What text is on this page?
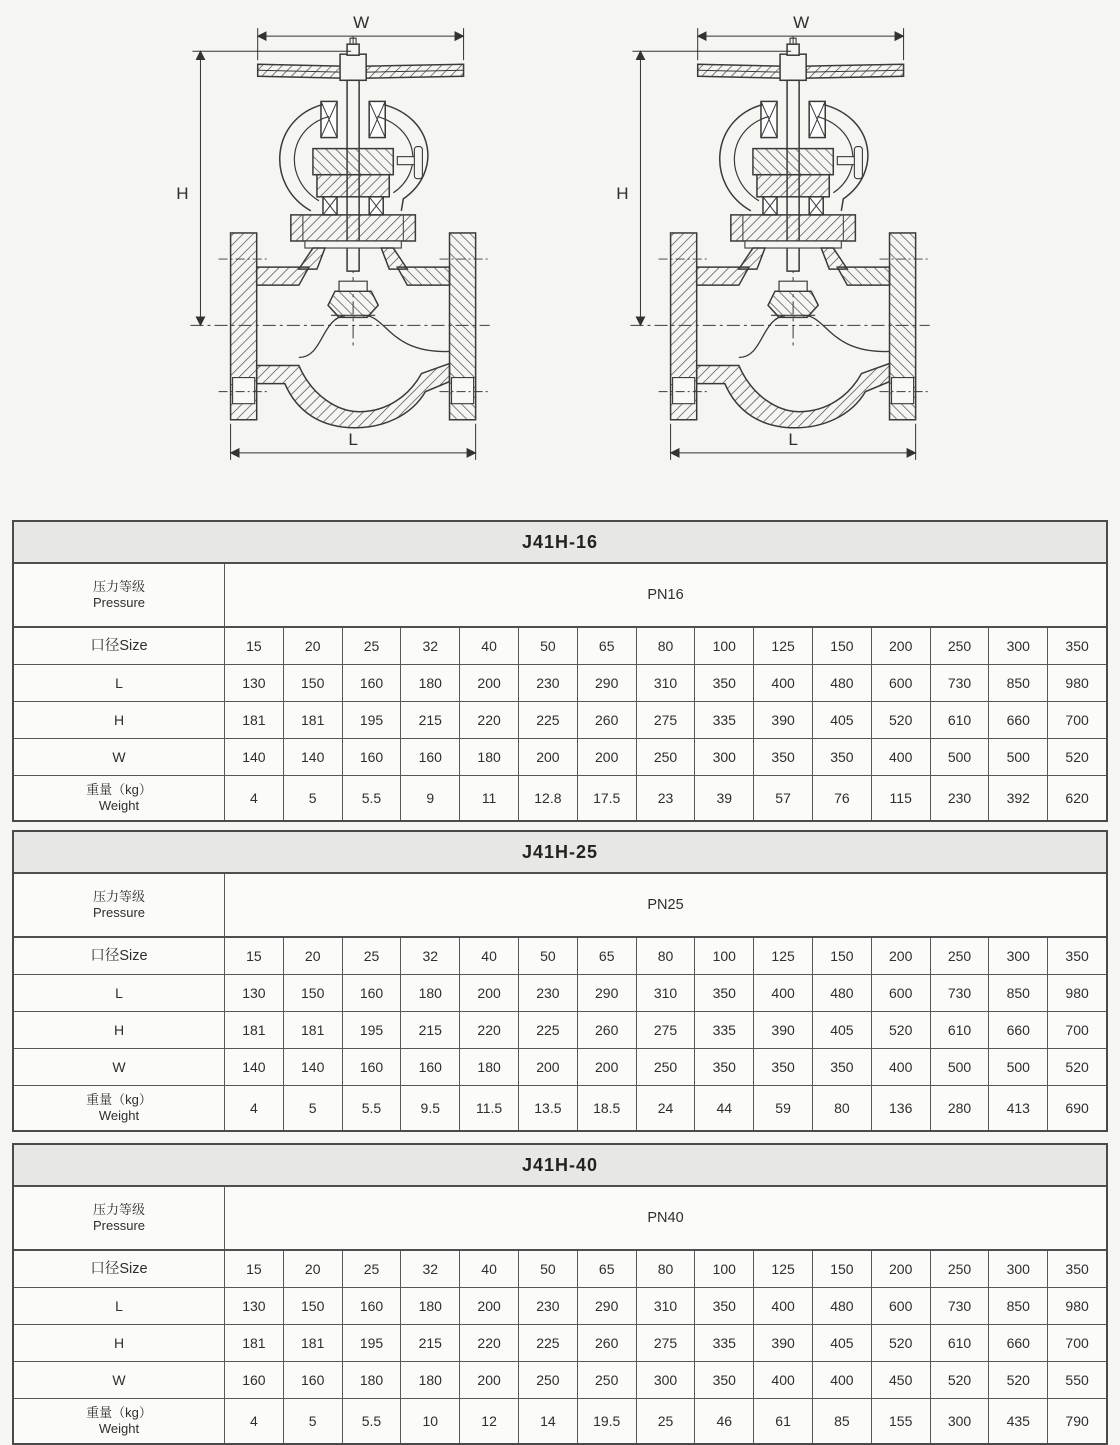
J41H-16
压力等级
Pressure	PN16
口径Size	15	20	25	32	40	50	65	80	100	125	150	200	250	300	350
L	130	150	160	180	200	230	290	310	350	400	480	600	730	850	980
H	181	181	195	215	220	225	260	275	335	390	405	520	610	660	700
W	140	140	160	160	180	200	200	250	300	350	350	400	500	500	520
重量（kg）
Weight	4	5	5.5	9	11	12.8	17.5	23	39	57	76	115	230	392	620
J41H-25
压力等级
Pressure	PN25
口径Size	15	20	25	32	40	50	65	80	100	125	150	200	250	300	350
L	130	150	160	180	200	230	290	310	350	400	480	600	730	850	980
H	181	181	195	215	220	225	260	275	335	390	405	520	610	660	700
W	140	140	160	160	180	200	200	250	350	350	350	400	500	500	520
重量（kg）
Weight	4	5	5.5	9.5	11.5	13.5	18.5	24	44	59	80	136	280	413	690
J41H-40
压力等级
Pressure	PN40
口径Size	15	20	25	32	40	50	65	80	100	125	150	200	250	300	350
L	130	150	160	180	200	230	290	310	350	400	480	600	730	850	980
H	181	181	195	215	220	225	260	275	335	390	405	520	610	660	700
W	160	160	180	180	200	250	250	300	350	400	400	450	520	520	550
重量（kg）
Weight	4	5	5.5	10	12	14	19.5	25	46	61	85	155	300	435	790
